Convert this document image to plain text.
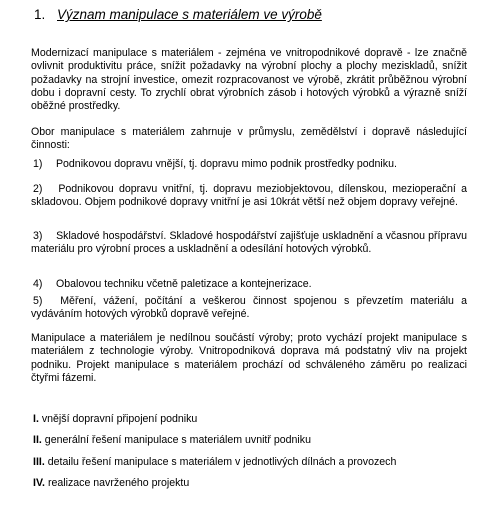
1. Význam manipulace s materiálem ve výrobě
Modernizací manipulace s materiálem - zejména ve vnitropodnikové dopravě - lze značně ovlivnit produktivitu práce, snížit požadavky na výrobní plochy a plochy meziskladů, snížit požadavky na strojní investice, omezit rozpracovanost ve výrobě, zkrátit průběžnou výrobní dobu i dopravní cesty. To zrychlí obrat výrobních zásob i hotových výrobků a výrazně sníží oběžné prostředky.
Obor manipulace s materiálem zahrnuje v průmyslu, zemědělství i dopravě následující činnosti:
1) Podnikovou dopravu vnější, tj. dopravu mimo podnik prostředky podniku.
2) Podnikovou dopravu vnitřní, tj. dopravu meziobjektovou, dílenskou, mezioperační a skladovou. Objem podnikové dopravy vnitřní je asi 10krát větší než objem dopravy veřejné.
3) Skladové hospodářství. Skladové hospodářství zajišťuje uskladnění a včasnou přípravu materiálu pro výrobní proces a uskladnění a odesílání hotových výrobků.
4) Obalovou techniku včetně paletizace a kontejnerizace.
5) Měření, vážení, počítání a veškerou činnost spojenou s převzetím materiálu a vydáváním hotových výrobků dopravě veřejné.
Manipulace a materiálem je nedílnou součástí výroby; proto vychází projekt manipulace s materiálem z technologie výroby. Vnitropodniková doprava má podstatný vliv na projekt podniku. Projekt manipulace s materiálem prochází od schváleného záměru po realizaci čtyřmi fázemi.
I. vnější dopravní připojení podniku
II. generální řešení manipulace s materiálem uvnitř podniku
III. detailu řešení manipulace s materiálem v jednotlivých dílnách a provozech
IV. realizace navrženého projektu
